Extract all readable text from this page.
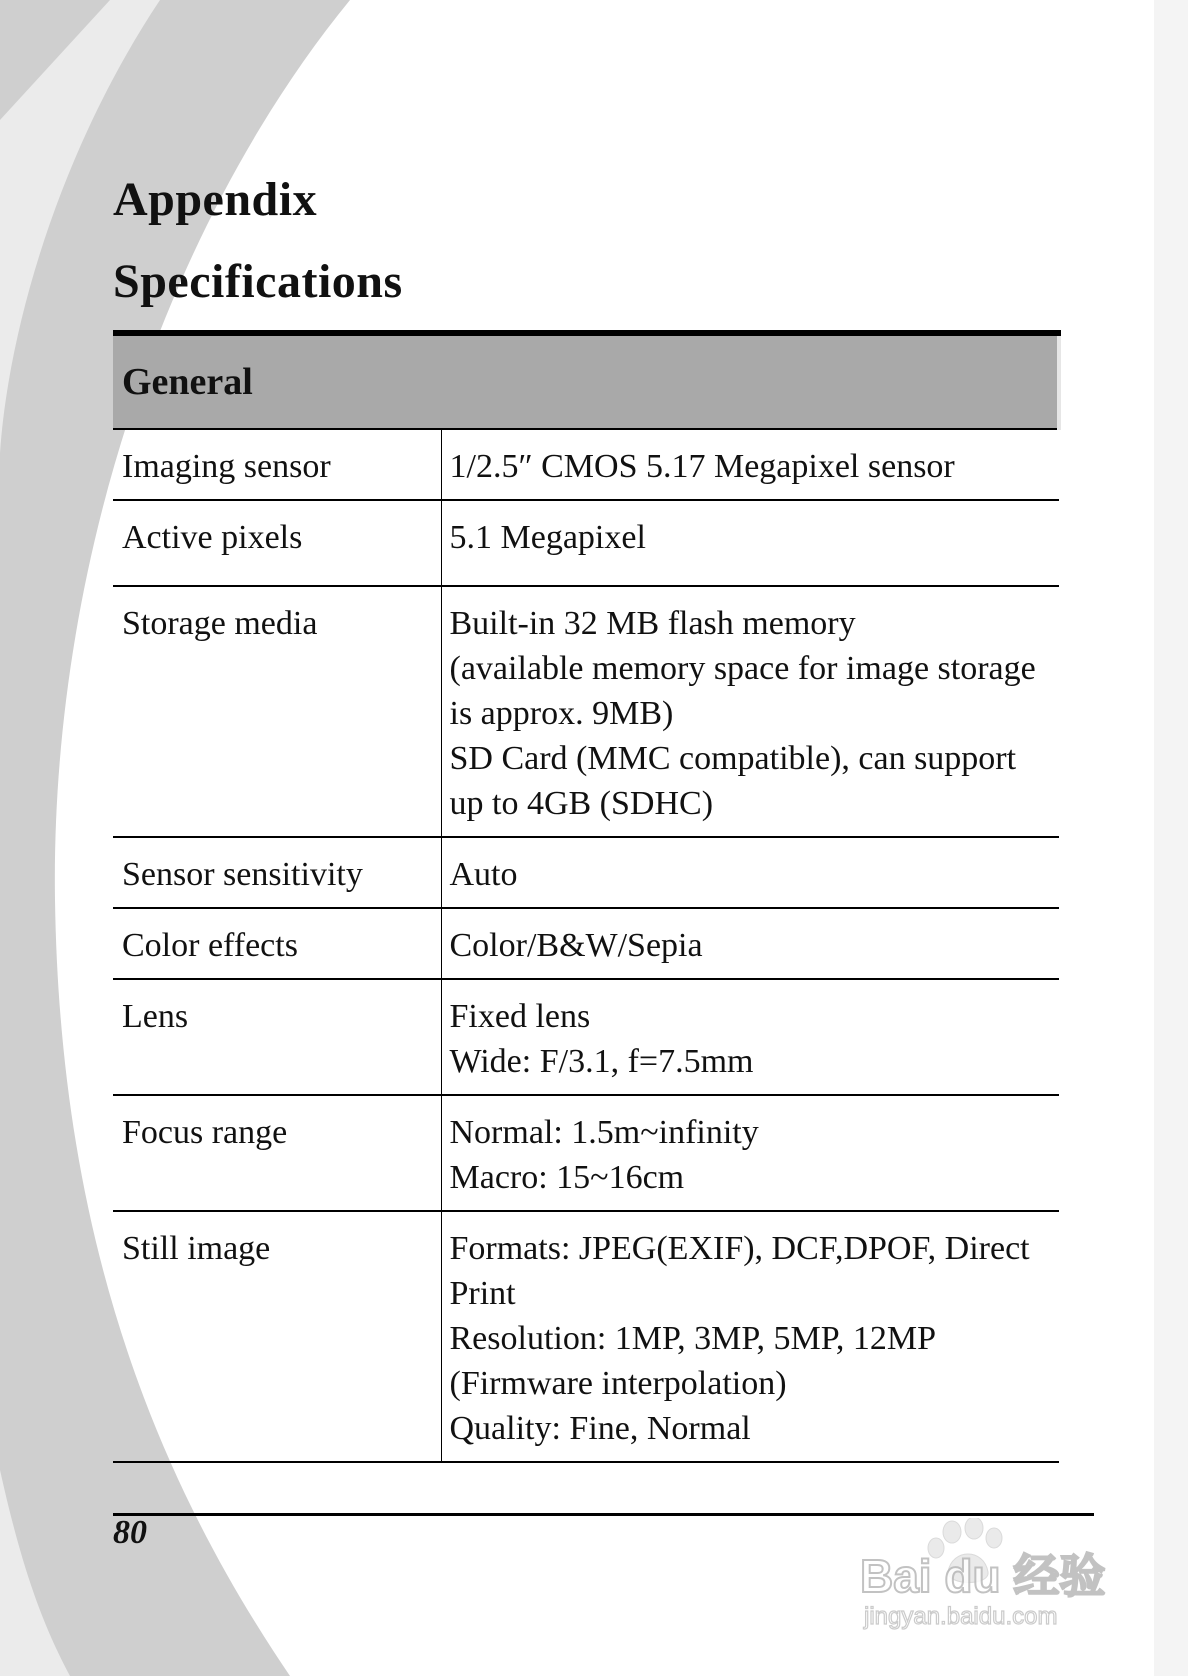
Appendix
Specifications
General	
Imaging sensor	1/2.5″ CMOS 5.17 Megapixel sensor

Active pixels	5.1 Megapixel

Storage media	Built-in 32 MB flash memory
(available memory space for image storage is approx. 9MB)
SD Card (MMC compatible), can support up to 4GB (SDHC)

Sensor sensitivity	Auto

Color effects	Color/B&W/Sepia

Lens	Fixed lens
Wide: F/3.1, f=7.5mm

Focus range	Normal: 1.5m~infinity
Macro: 15~16cm

Still image	Formats: JPEG(EXIF), DCF,DPOF, Direct Print
Resolution: 1MP, 3MP, 5MP, 12MP (Firmware interpolation)
Quality: Fine, Normal
80
Bai du 经验
jingyan.baidu.com
